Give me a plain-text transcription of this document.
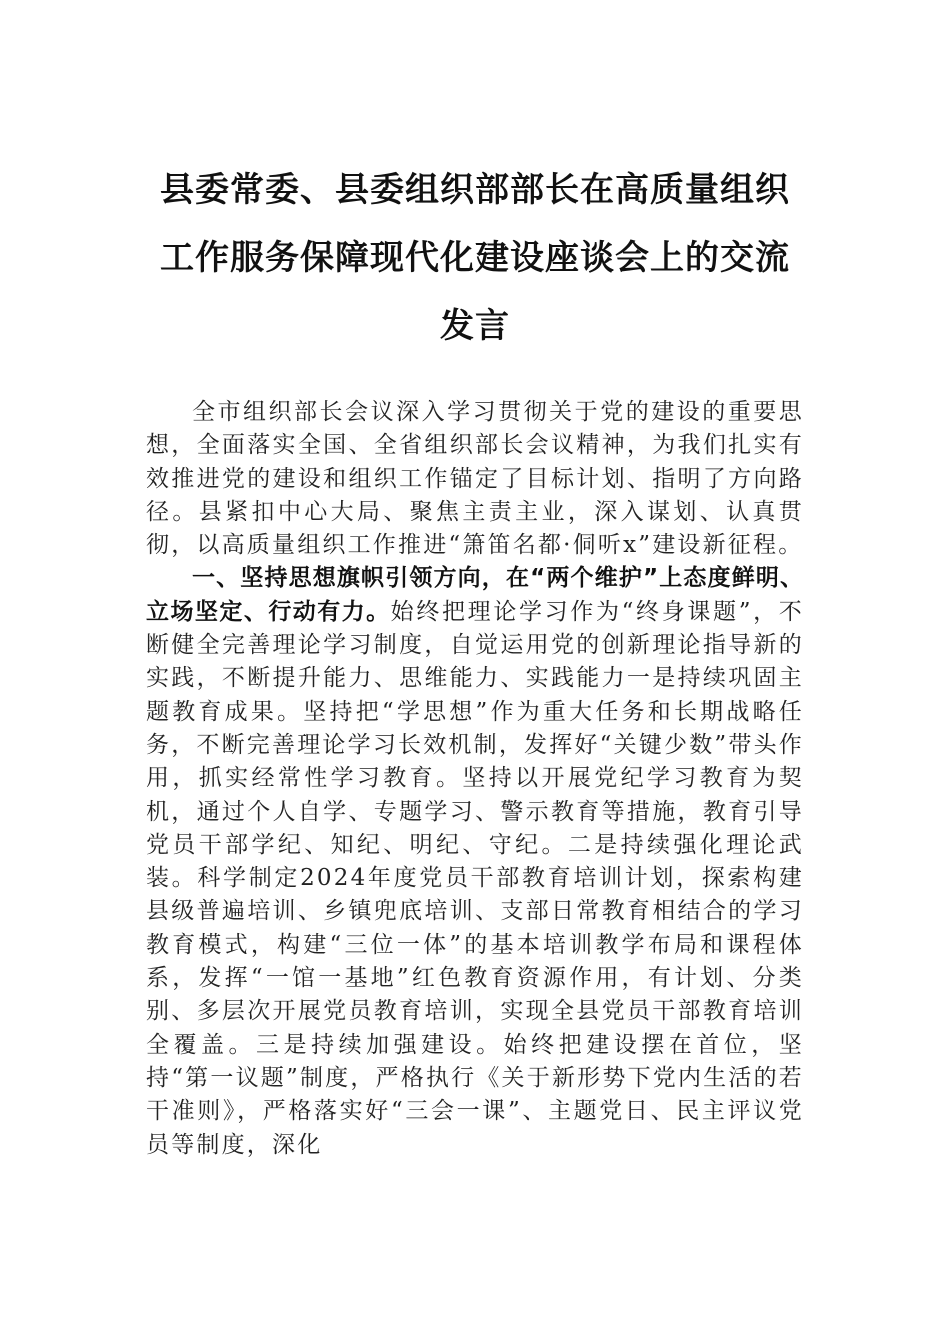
县委常委、县委组织部部长在高质量组织
工作服务保障现代化建设座谈会上的交流
发言

全市组织部长会议深入学习贯彻关于党的建设的重要思想，全面落实全国、全省组织部长会议精神，为我们扎实有效推进党的建设和组织工作锚定了目标计划、指明了方向路径。县紧扣中心大局、聚焦主责主业，深入谋划、认真贯彻，以高质量组织工作推进“箫笛名都·侗听x”建设新征程。

一、坚持思想旗帜引领方向，在“两个维护”上态度鲜明、立场坚定、行动有力。始终把理论学习作为“终身课题”，不断健全完善理论学习制度，自觉运用党的创新理论指导新的实践，不断提升能力、思维能力、实践能力一是持续巩固主题教育成果。坚持把“学思想”作为重大任务和长期战略任务，不断完善理论学习长效机制，发挥好“关键少数”带头作用，抓实经常性学习教育。坚持以开展党纪学习教育为契机，通过个人自学、专题学习、警示教育等措施，教育引导党员干部学纪、知纪、明纪、守纪。二是持续强化理论武装。科学制定2024年度党员干部教育培训计划，探索构建县级普遍培训、乡镇兜底培训、支部日常教育相结合的学习教育模式，构建“三位一体”的基本培训教学布局和课程体系，发挥“一馆一基地”红色教育资源作用，有计划、分类别、多层次开展党员教育培训，实现全县党员干部教育培训全覆盖。三是持续加强建设。始终把建设摆在首位，坚持“第一议题”制度，严格执行《关于新形势下党内生活的若干准则》，严格落实好“三会一课”、主题党日、民主评议党员等制度，深化
